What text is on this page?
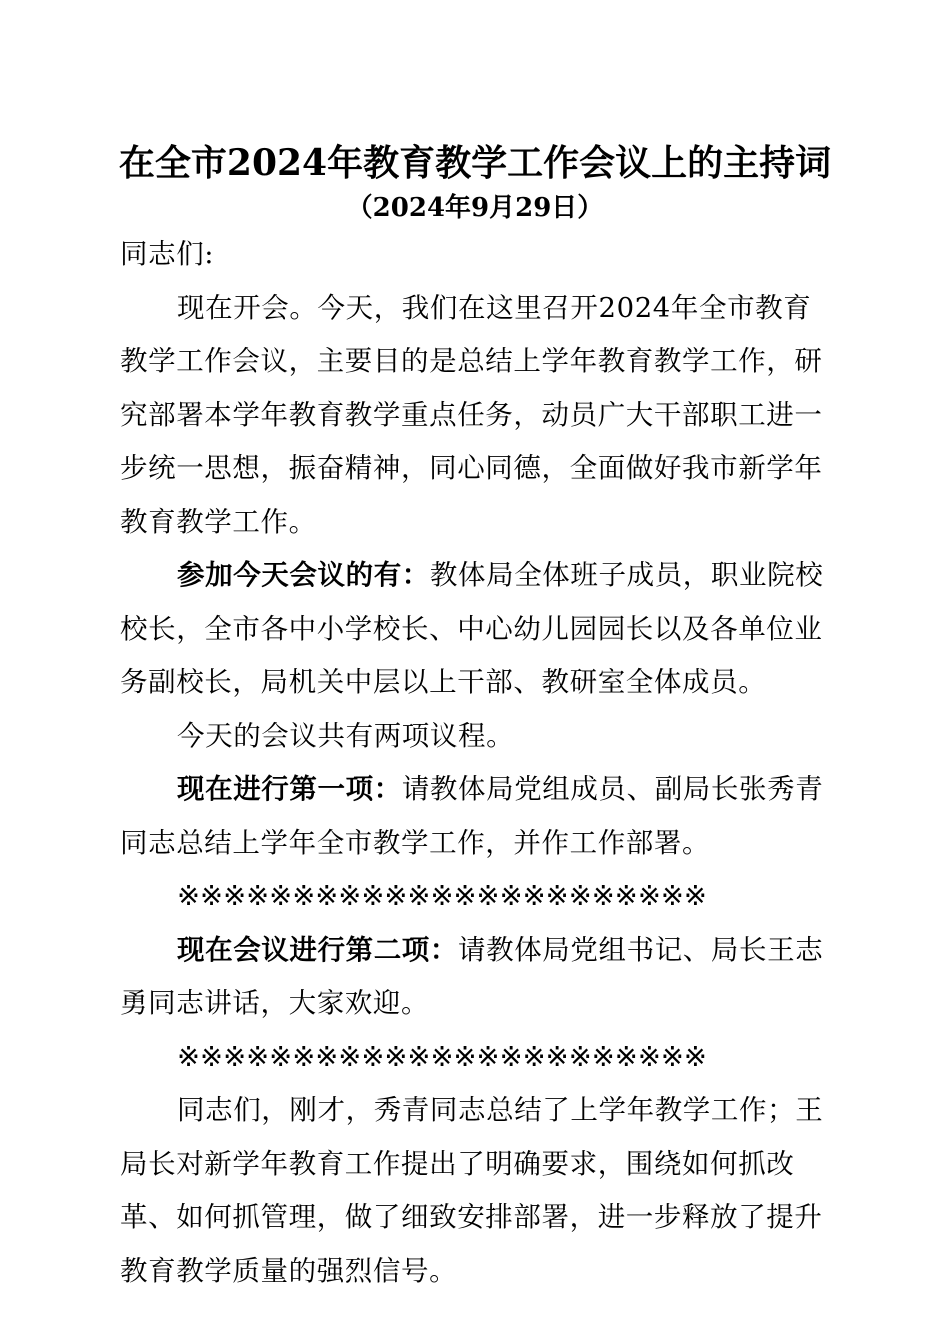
在全市2024年教育教学工作会议上的主持词
（2024年9月29日）

同志们:

现在开会。今天，我们在这里召开2024年全市教育教学工作会议，主要目的是总结上学年教育教学工作，研究部署本学年教育教学重点任务，动员广大干部职工进一步统一思想，振奋精神，同心同德，全面做好我市新学年教育教学工作。

参加今天会议的有：教体局全体班子成员，职业院校校长，全市各中小学校长、中心幼儿园园长以及各单位业务副校长，局机关中层以上干部、教研室全体成员。

今天的会议共有两项议程。

现在进行第一项：请教体局党组成员、副局长张秀青同志总结上学年全市教学工作，并作工作部署。

※※※※※※※※※※※※※※※※※※※※※※※

现在会议进行第二项：请教体局党组书记、局长王志勇同志讲话，大家欢迎。

※※※※※※※※※※※※※※※※※※※※※※※

同志们，刚才，秀青同志总结了上学年教学工作；王局长对新学年教育工作提出了明确要求，围绕如何抓改革、如何抓管理，做了细致安排部署，进一步释放了提升教育教学质量的强烈信号。
